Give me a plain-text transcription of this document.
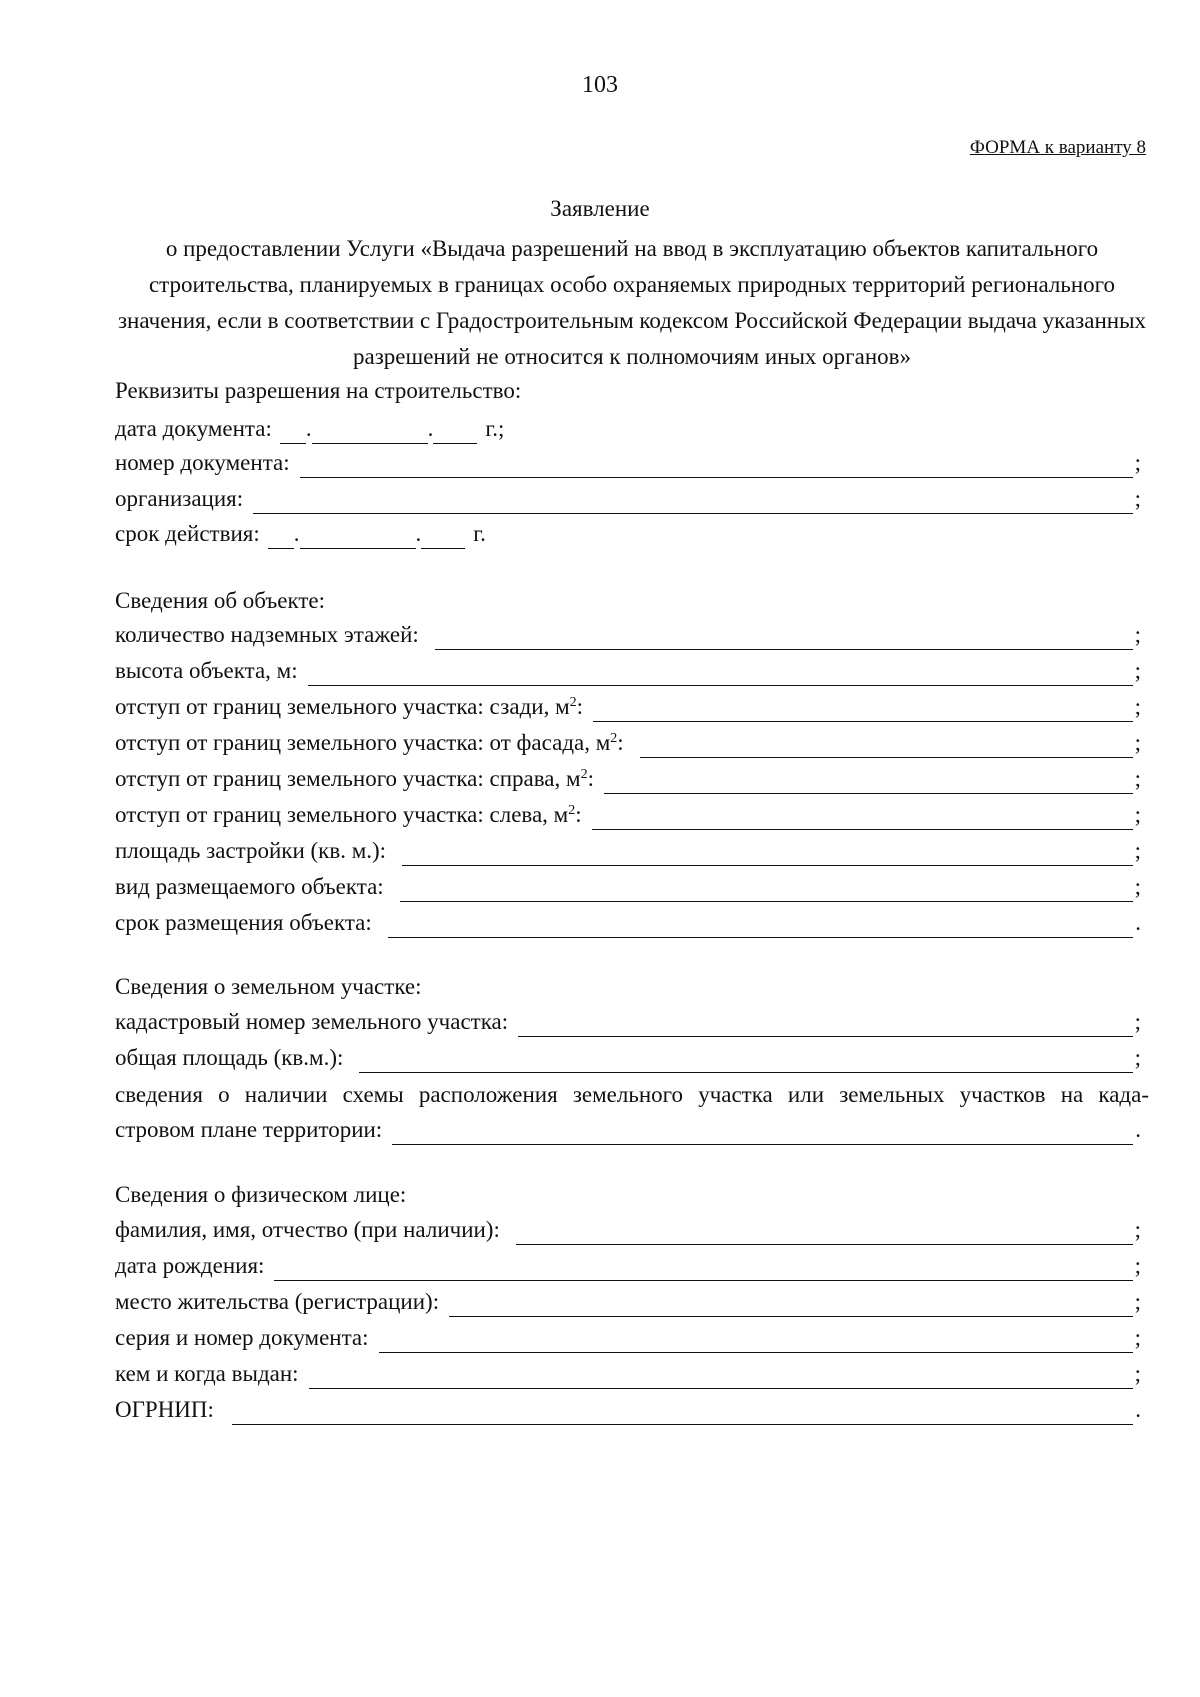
103
ФОРМА к варианту 8
Заявление
о предоставлении Услуги «Выдача разрешений на ввод в эксплуатацию объектов капитального строительства, планируемых в границах особо охраняемых природных территорий регионального значения, если в соответствии с Градостроительным кодексом Российской Федерации выдача указанных разрешений не относится к полномочиям иных органов»
Реквизиты разрешения на строительство:
дата документа: .	. г.;
номер документа:	;
организация:	;
срок действия: .	. г.
Сведения об объекте:
количество надземных этажей:	;
высота объекта, м:	;
отступ от границ земельного участка: сзади, $м^2$:	;
отступ от границ земельного участка: от фасада, $м^2$:	;
отступ от границ земельного участка: справа, $м^2$:	;
отступ от границ земельного участка: слева, $м^2$:	;
площадь застройки (кв. м.):	;
вид размещаемого объекта:	;
срок размещения объекта:	.
Сведения о земельном участке:
кадастровый номер земельного участка:	;
общая площадь (кв.м.):	;
сведения о наличии схемы расположения земельного участка или земельных участков на када-
стровом плане территории:	.
Сведения о физическом лице:
фамилия, имя, отчество (при наличии):	;
дата рождения:	;
место жительства (регистрации):	;
серия и номер документа:	;
кем и когда выдан:	;
ОГРНИП:	.
